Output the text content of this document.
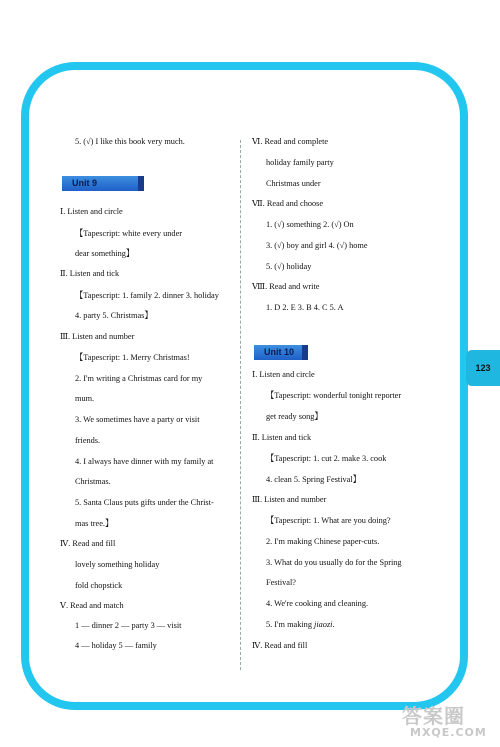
5. (√) I like this book very much.
Unit 9
Ⅰ. Listen and circle
【Tapescript: white every under
dear something】
Ⅱ. Listen and tick
【Tapescript: 1. family 2. dinner 3. holiday
4. party 5. Christmas】
Ⅲ. Listen and number
【Tapescript: 1. Merry Christmas!
2. I'm writing a Christmas card for my
mum.
3. We sometimes have a party or visit
friends.
4. I always have dinner with my family at
Christmas.
5. Santa Claus puts gifts under the Christ-
mas tree.】
Ⅳ. Read and fill
lovely something holiday
fold chopstick
Ⅴ. Read and match
1 — dinner 2 — party 3 — visit
4 — holiday 5 — family
Ⅵ. Read and complete
holiday family party
Christmas under
Ⅶ. Read and choose
1. (√) something 2. (√) On
3. (√) boy and girl 4. (√) home
5. (√) holiday
Ⅷ. Read and write
1. D 2. E 3. B 4. C 5. A
Unit 10
Ⅰ. Listen and circle
【Tapescript: wonderful tonight reporter
get ready song】
Ⅱ. Listen and tick
【Tapescript: 1. cut 2. make 3. cook
4. clean 5. Spring Festival】
Ⅲ. Listen and number
【Tapescript: 1. What are you doing?
2. I'm making Chinese paper-cuts.
3. What do you usually do for the Spring
Festival?
4. We're cooking and cleaning.
5. I'm making jiaozi.
Ⅳ. Read and fill
123
答案圈
MXQE.COM
